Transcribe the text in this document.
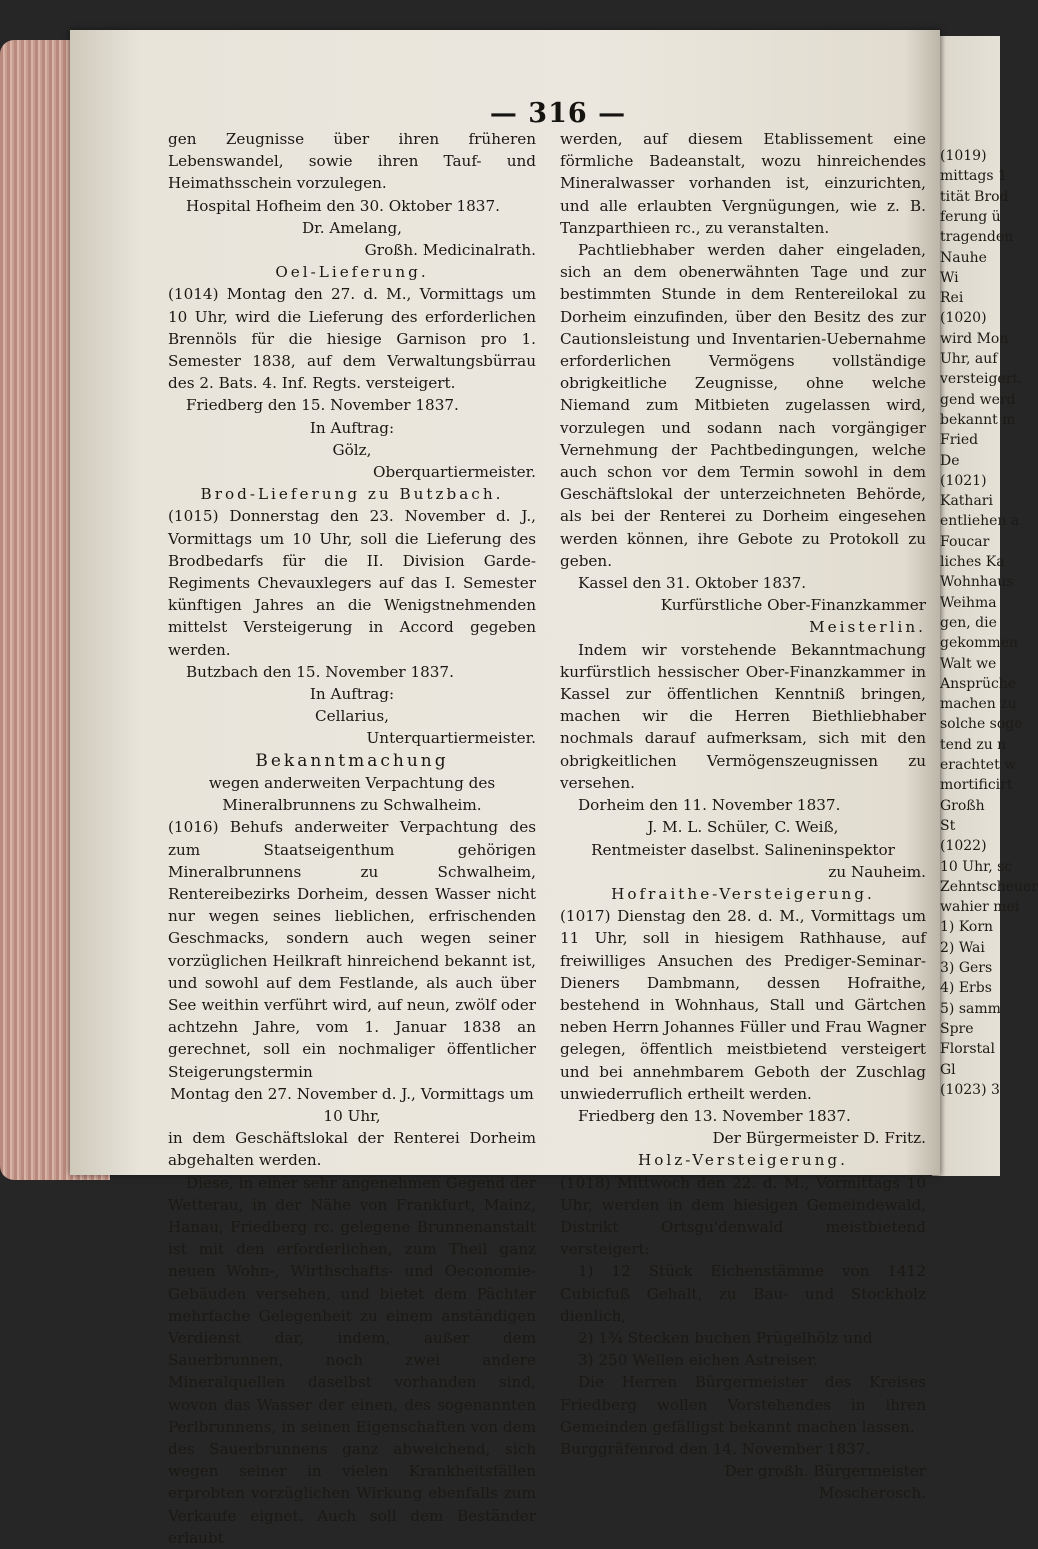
(1019)
mittags 1
tität Brod
ferung ü
tragenden
Nauhe
Wi
Rei
(1020)
wird Mon
Uhr, auf
versteigert.
gend werd
bekannt m
Fried
De
(1021)
Kathari
entliehen a
Foucar
liches Ka
Wohnhaus
Weihma
gen, die
gekommen
Walt we
Ansprüche
machen zu
solche soge
tend zu n
erachtet w
mortificirt
Großh
St
(1022)
10 Uhr, sc
Zehntscheuer
wahier mei
1) Korn
2) Wai
3) Gers
4) Erbs
5) samm
Spre
Florstal
Gl
(1023) 3
— 316 —

gen Zeugnisse über ihren früheren Lebenswandel, sowie ihren Tauf- und Heimathsschein vorzulegen.

Hospital Hofheim den 30. Oktober 1837.

Dr. Amelang,

Großh. Medicinalrath.

Oel-Lieferung.

(1014) Montag den 27. d. M., Vormittags um 10 Uhr, wird die Lieferung des erforderlichen Brennöls für die hiesige Garnison pro 1. Semester 1838, auf dem Verwaltungsbürrau des 2. Bats. 4. Inf. Regts. versteigert.

Friedberg den 15. November 1837.

In Auftrag:

Gölz,

Oberquartiermeister.

Brod-Lieferung zu Butzbach.

(1015) Donnerstag den 23. November d. J., Vormittags um 10 Uhr, soll die Lieferung des Brodbedarfs für die II. Division Garde-Regiments Chevauxlegers auf das I. Semester künftigen Jahres an die Wenigstnehmenden mittelst Versteigerung in Accord gegeben werden.

Butzbach den 15. November 1837.

In Auftrag:

Cellarius,

Unterquartiermeister.

Bekanntmachung

wegen anderweiten Verpachtung des Mineralbrunnens zu Schwalheim.

(1016) Behufs anderweiter Verpachtung des zum Staatseigenthum gehörigen Mineralbrunnens zu Schwalheim, Rentereibezirks Dorheim, dessen Wasser nicht nur wegen seines lieblichen, erfrischenden Geschmacks, sondern auch wegen seiner vorzüglichen Heilkraft hinreichend bekannt ist, und sowohl auf dem Festlande, als auch über See weithin verführt wird, auf neun, zwölf oder achtzehn Jahre, vom 1. Januar 1838 an gerechnet, soll ein nochmaliger öffentlicher Steigerungstermin

Montag den 27. November d. J., Vormittags um 10 Uhr,

in dem Geschäftslokal der Renterei Dorheim abgehalten werden.

Diese, in einer sehr angenehmen Gegend der Wetterau, in der Nähe von Frankfurt, Mainz, Hanau, Friedberg rc. gelegene Brunnenanstalt ist mit den erforderlichen, zum Theil ganz neuen Wohn-, Wirthschafts- und Oeconomie-Gebäuden versehen, und bietet dem Pächter mehrfache Gelegenheit zu einem anständigen Verdienst dar, indem, außer dem Sauerbrunnen, noch zwei andere Mineralquellen daselbst vorhanden sind, wovon das Wasser der einen, des sogenannten Perlbrunnens, in seinen Eigenschaften von dem des Sauerbrunnens ganz abweichend, sich wegen seiner in vielen Krankheitsfällen erprobten vorzüglichen Wirkung ebenfalls zum Verkaufe eignet. Auch soll dem Beständer erlaubt

werden, auf diesem Etablissement eine förmliche Badeanstalt, wozu hinreichendes Mineralwasser vorhanden ist, einzurichten, und alle erlaubten Vergnügungen, wie z. B. Tanzparthieen rc., zu veranstalten.

Pachtliebhaber werden daher eingeladen, sich an dem obenerwähnten Tage und zur bestimmten Stunde in dem Rentereilokal zu Dorheim einzufinden, über den Besitz des zur Cautionsleistung und Inventarien-Uebernahme erforderlichen Vermögens vollständige obrigkeitliche Zeugnisse, ohne welche Niemand zum Mitbieten zugelassen wird, vorzulegen und sodann nach vorgängiger Vernehmung der Pachtbedingungen, welche auch schon vor dem Termin sowohl in dem Geschäftslokal der unterzeichneten Behörde, als bei der Renterei zu Dorheim eingesehen werden können, ihre Gebote zu Protokoll zu geben.

Kassel den 31. Oktober 1837.

Kurfürstliche Ober-Finanzkammer

Meisterlin.

Indem wir vorstehende Bekanntmachung kurfürstlich hessischer Ober-Finanzkammer in Kassel zur öffentlichen Kenntniß bringen, machen wir die Herren Biethliebhaber nochmals darauf aufmerksam, sich mit den obrigkeitlichen Vermögenszeugnissen zu versehen.

Dorheim den 11. November 1837.

J. M. L. Schüler, C. Weiß,

Rentmeister daselbst. Salineninspektor

zu Nauheim.

Hofraithe-Versteigerung.

(1017) Dienstag den 28. d. M., Vormittags um 11 Uhr, soll in hiesigem Rathhause, auf freiwilliges Ansuchen des Prediger-Seminar-Dieners Dambmann, dessen Hofraithe, bestehend in Wohnhaus, Stall und Gärtchen neben Herrn Johannes Füller und Frau Wagner gelegen, öffentlich meistbietend versteigert und bei annehmbarem Geboth der Zuschlag unwiederruflich ertheilt werden.

Friedberg den 13. November 1837.

Der Bürgermeister D. Fritz.

Holz-Versteigerung.

(1018) Mittwoch den 22. d. M., Vormittags 10 Uhr, werden in dem hiesigen Gemeindewald, Distrikt Ortsgu'denwald meistbietend versteigert:

1) 12 Stück Eichenstämme von 1412 Cubicfuß Gehalt, zu Bau- und Stockholz dienlich,

2) 1¾ Stecken buchen Prügelhölz und

3) 250 Wellen eichen Astreiser.

Die Herren Bürgermeister des Kreises Friedberg wollen Vorstehendes in ihren Gemeinden gefälligst bekannt machen lassen.

Burggräfenrod den 14. November 1837.

Der großh. Bürgermeister

Moscherosch.
